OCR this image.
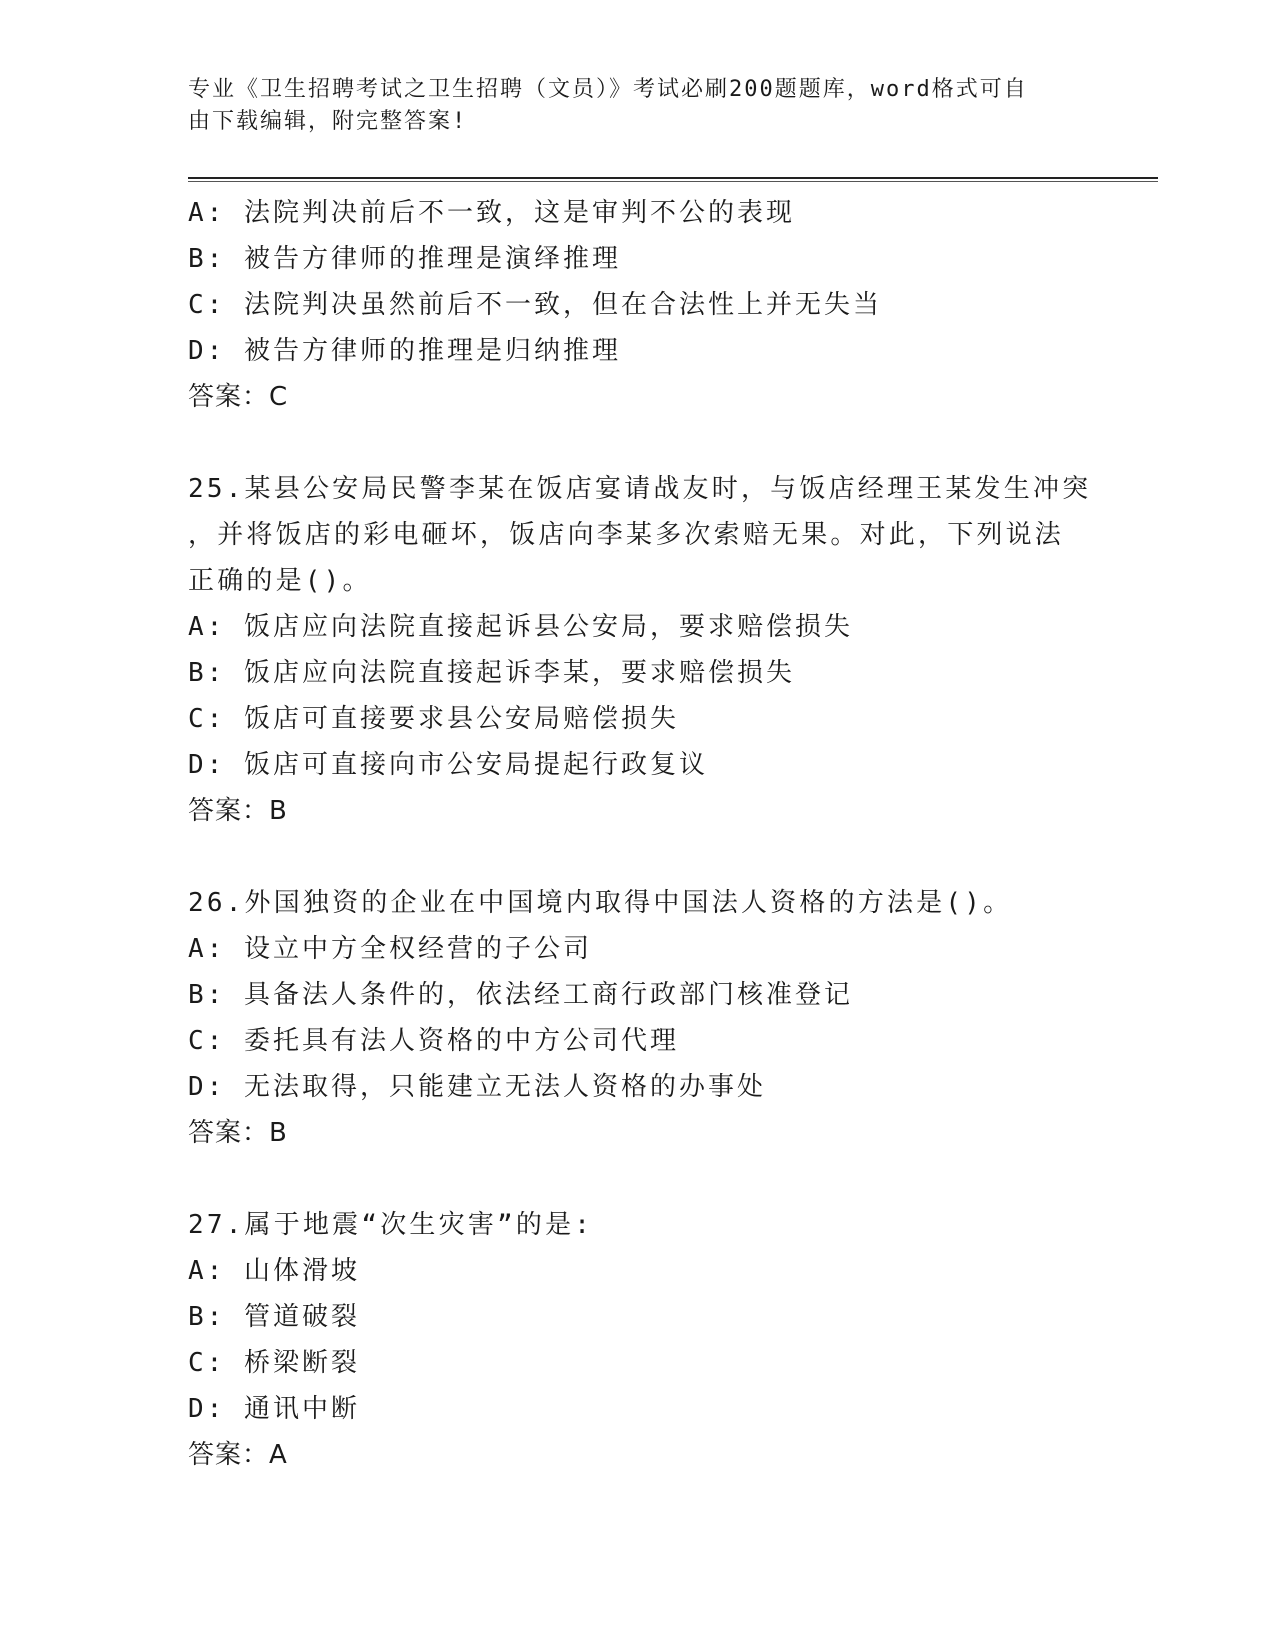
专业《卫生招聘考试之卫生招聘（文员）》考试必刷200题题库，word格式可自
由下载编辑，附完整答案!
A: 法院判决前后不一致，这是审判不公的表现
B: 被告方律师的推理是演绎推理
C: 法院判决虽然前后不一致，但在合法性上并无失当
D: 被告方律师的推理是归纳推理
答案：C
25.某县公安局民警李某在饭店宴请战友时，与饭店经理王某发生冲突
，并将饭店的彩电砸坏，饭店向李某多次索赔无果。对此，下列说法
正确的是()。
A: 饭店应向法院直接起诉县公安局，要求赔偿损失
B: 饭店应向法院直接起诉李某，要求赔偿损失
C: 饭店可直接要求县公安局赔偿损失
D: 饭店可直接向市公安局提起行政复议
答案：B
26.外国独资的企业在中国境内取得中国法人资格的方法是()。
A: 设立中方全权经营的子公司
B: 具备法人条件的，依法经工商行政部门核准登记
C: 委托具有法人资格的中方公司代理
D: 无法取得，只能建立无法人资格的办事处
答案：B
27.属于地震“次生灾害”的是:
A: 山体滑坡
B: 管道破裂
C: 桥梁断裂
D: 通讯中断
答案：A
